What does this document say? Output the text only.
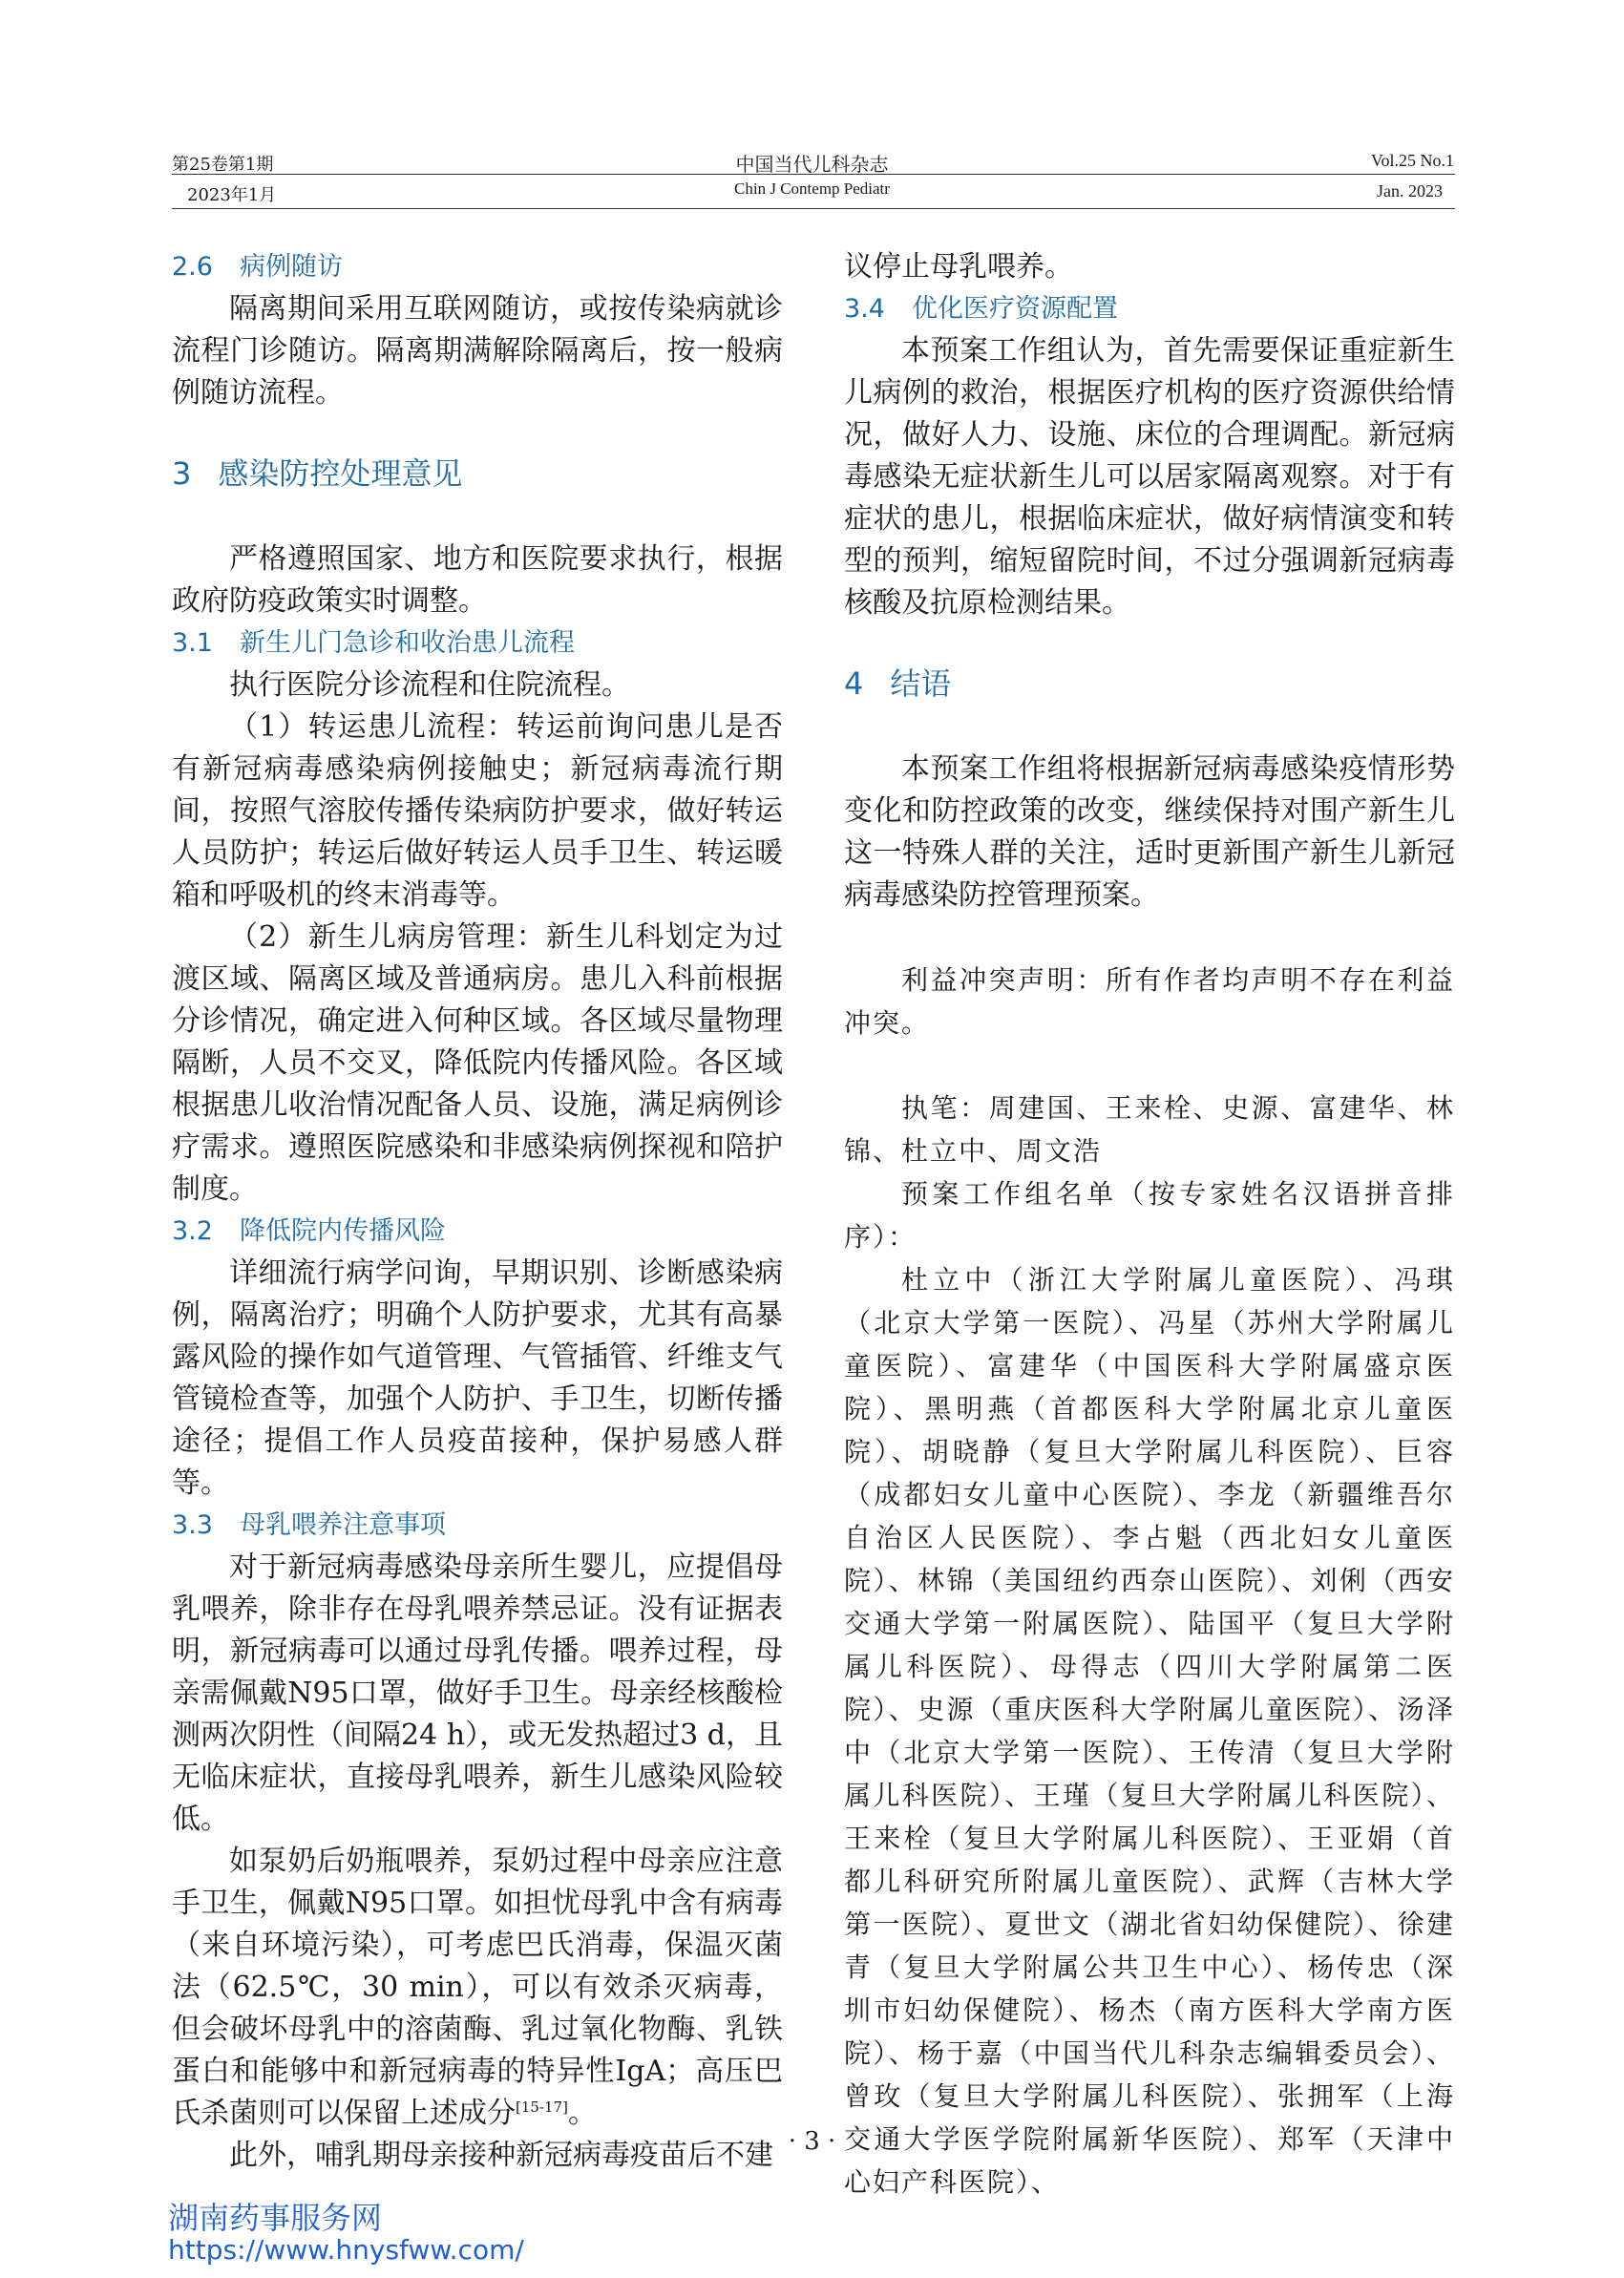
第25卷第1期
2023年1月
中国当代儿科杂志
Chin J Contemp Pediatr
Vol.25 No.1
Jan. 2023
2.6 病例随访

隔离期间采用互联网随访，或按传染病就诊流程门诊随访。隔离期满解除隔离后，按一般病例随访流程。

3 感染防控处理意见

严格遵照国家、地方和医院要求执行，根据政府防疫政策实时调整。

3.1 新生儿门急诊和收治患儿流程

执行医院分诊流程和住院流程。

（1）转运患儿流程：转运前询问患儿是否有新冠病毒感染病例接触史；新冠病毒流行期间，按照气溶胶传播传染病防护要求，做好转运人员防护；转运后做好转运人员手卫生、转运暖箱和呼吸机的终末消毒等。

（2）新生儿病房管理：新生儿科划定为过渡区域、隔离区域及普通病房。患儿入科前根据分诊情况，确定进入何种区域。各区域尽量物理隔断，人员不交叉，降低院内传播风险。各区域根据患儿收治情况配备人员、设施，满足病例诊疗需求。遵照医院感染和非感染病例探视和陪护制度。

3.2 降低院内传播风险

详细流行病学问询，早期识别、诊断感染病例，隔离治疗；明确个人防护要求，尤其有高暴露风险的操作如气道管理、气管插管、纤维支气管镜检查等，加强个人防护、手卫生，切断传播途径；提倡工作人员疫苗接种，保护易感人群等。

3.3 母乳喂养注意事项

对于新冠病毒感染母亲所生婴儿，应提倡母乳喂养，除非存在母乳喂养禁忌证。没有证据表明，新冠病毒可以通过母乳传播。喂养过程，母亲需佩戴N95口罩，做好手卫生。母亲经核酸检测两次阴性（间隔24 h），或无发热超过3 d，且无临床症状，直接母乳喂养，新生儿感染风险较低。

如泵奶后奶瓶喂养，泵奶过程中母亲应注意手卫生，佩戴N95口罩。如担忧母乳中含有病毒（来自环境污染），可考虑巴氏消毒，保温灭菌法（62.5℃，30 min），可以有效杀灭病毒，但会破坏母乳中的溶菌酶、乳过氧化物酶、乳铁蛋白和能够中和新冠病毒的特异性IgA；高压巴氏杀菌则可以保留上述成分[15-17]。

此外，哺乳期母亲接种新冠病毒疫苗后不建

议停止母乳喂养。

3.4 优化医疗资源配置

本预案工作组认为，首先需要保证重症新生儿病例的救治，根据医疗机构的医疗资源供给情况，做好人力、设施、床位的合理调配。新冠病毒感染无症状新生儿可以居家隔离观察。对于有症状的患儿，根据临床症状，做好病情演变和转型的预判，缩短留院时间，不过分强调新冠病毒核酸及抗原检测结果。

4 结语

本预案工作组将根据新冠病毒感染疫情形势变化和防控政策的改变，继续保持对围产新生儿这一特殊人群的关注，适时更新围产新生儿新冠病毒感染防控管理预案。

利益冲突声明：所有作者均声明不存在利益冲突。

执笔：周建国、王来栓、史源、富建华、林锦、杜立中、周文浩

预案工作组名单（按专家姓名汉语拼音排序）：

杜立中（浙江大学附属儿童医院）、冯琪（北京大学第一医院）、冯星（苏州大学附属儿童医院）、富建华（中国医科大学附属盛京医院）、黑明燕（首都医科大学附属北京儿童医院）、胡晓静（复旦大学附属儿科医院）、巨容（成都妇女儿童中心医院）、李龙（新疆维吾尔自治区人民医院）、李占魁（西北妇女儿童医院）、林锦（美国纽约西奈山医院）、刘俐（西安交通大学第一附属医院）、陆国平（复旦大学附属儿科医院）、母得志（四川大学附属第二医院）、史源（重庆医科大学附属儿童医院）、汤泽中（北京大学第一医院）、王传清（复旦大学附属儿科医院）、王瑾（复旦大学附属儿科医院）、王来栓（复旦大学附属儿科医院）、王亚娟（首都儿科研究所附属儿童医院）、武辉（吉林大学第一医院）、夏世文（湖北省妇幼保健院）、徐建青（复旦大学附属公共卫生中心）、杨传忠（深圳市妇幼保健院）、杨杰（南方医科大学南方医院）、杨于嘉（中国当代儿科杂志编辑委员会）、曾玫（复旦大学附属儿科医院）、张拥军（上海交通大学医学院附属新华医院）、郑军（天津中心妇产科医院）、

· 3 ·
湖南药事服务网
https://www.hnysfww.com/
